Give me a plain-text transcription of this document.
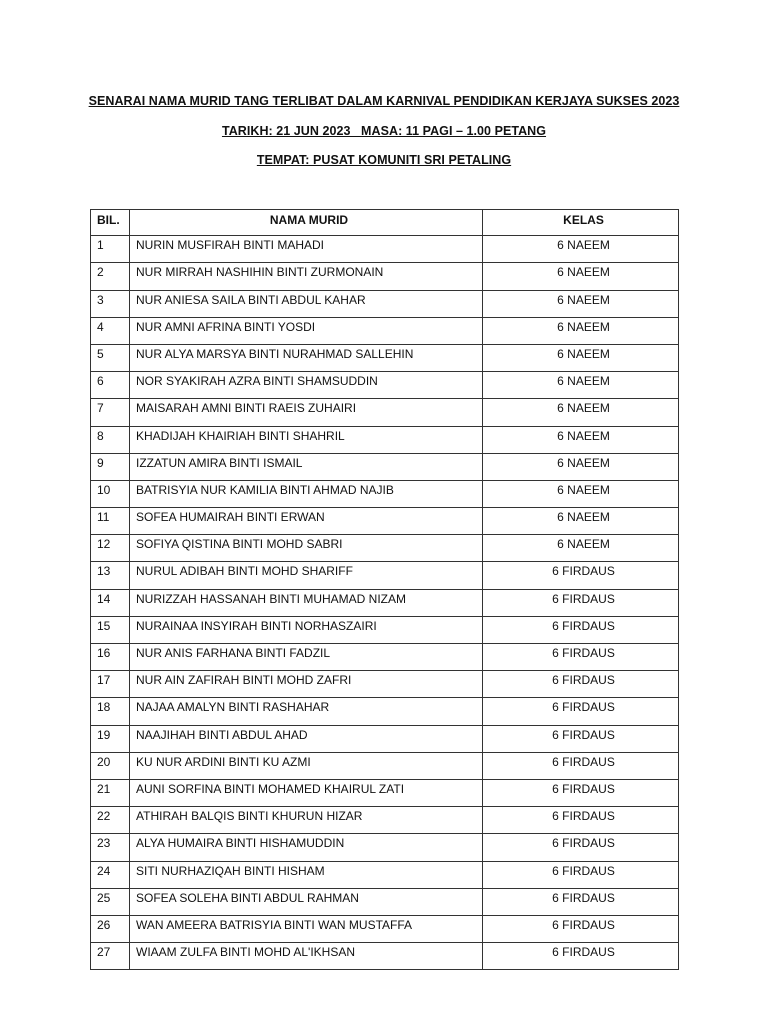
SENARAI NAMA MURID TANG TERLIBAT DALAM KARNIVAL PENDIDIKAN KERJAYA SUKSES 2023
TARIKH: 21 JUN 2023   MASA: 11 PAGI – 1.00 PETANG
TEMPAT: PUSAT KOMUNITI SRI PETALING
BIL.	NAMA MURID	KELAS
1	NURIN MUSFIRAH BINTI MAHADI	6 NAEEM
2	NUR MIRRAH NASHIHIN BINTI ZURMONAIN	6 NAEEM
3	NUR ANIESA SAILA BINTI ABDUL KAHAR	6 NAEEM
4	NUR AMNI AFRINA BINTI YOSDI	6 NAEEM
5	NUR ALYA MARSYA BINTI NURAHMAD SALLEHIN	6 NAEEM
6	NOR SYAKIRAH AZRA BINTI SHAMSUDDIN	6 NAEEM
7	MAISARAH AMNI BINTI RAEIS ZUHAIRI	6 NAEEM
8	KHADIJAH KHAIRIAH BINTI SHAHRIL	6 NAEEM
9	IZZATUN AMIRA BINTI ISMAIL	6 NAEEM
10	BATRISYIA NUR KAMILIA BINTI AHMAD NAJIB	6 NAEEM
11	SOFEA HUMAIRAH BINTI ERWAN	6 NAEEM
12	SOFIYA QISTINA BINTI MOHD SABRI	6 NAEEM
13	NURUL ADIBAH BINTI MOHD SHARIFF	6 FIRDAUS
14	NURIZZAH HASSANAH BINTI MUHAMAD NIZAM	6 FIRDAUS
15	NURAINAA INSYIRAH BINTI NORHASZAIRI	6 FIRDAUS
16	NUR ANIS FARHANA BINTI FADZIL	6 FIRDAUS
17	NUR AIN ZAFIRAH BINTI MOHD ZAFRI	6 FIRDAUS
18	NAJAA AMALYN BINTI RASHAHAR	6 FIRDAUS
19	NAAJIHAH BINTI ABDUL AHAD	6 FIRDAUS
20	KU NUR ARDINI BINTI KU AZMI	6 FIRDAUS
21	AUNI SORFINA BINTI MOHAMED KHAIRUL ZATI	6 FIRDAUS
22	ATHIRAH BALQIS BINTI KHURUN HIZAR	6 FIRDAUS
23	ALYA HUMAIRA BINTI HISHAMUDDIN	6 FIRDAUS
24	SITI NURHAZIQAH BINTI HISHAM	6 FIRDAUS
25	SOFEA SOLEHA BINTI ABDUL RAHMAN	6 FIRDAUS
26	WAN AMEERA BATRISYIA BINTI WAN MUSTAFFA	6 FIRDAUS
27	WIAAM ZULFA BINTI MOHD AL'IKHSAN	6 FIRDAUS
